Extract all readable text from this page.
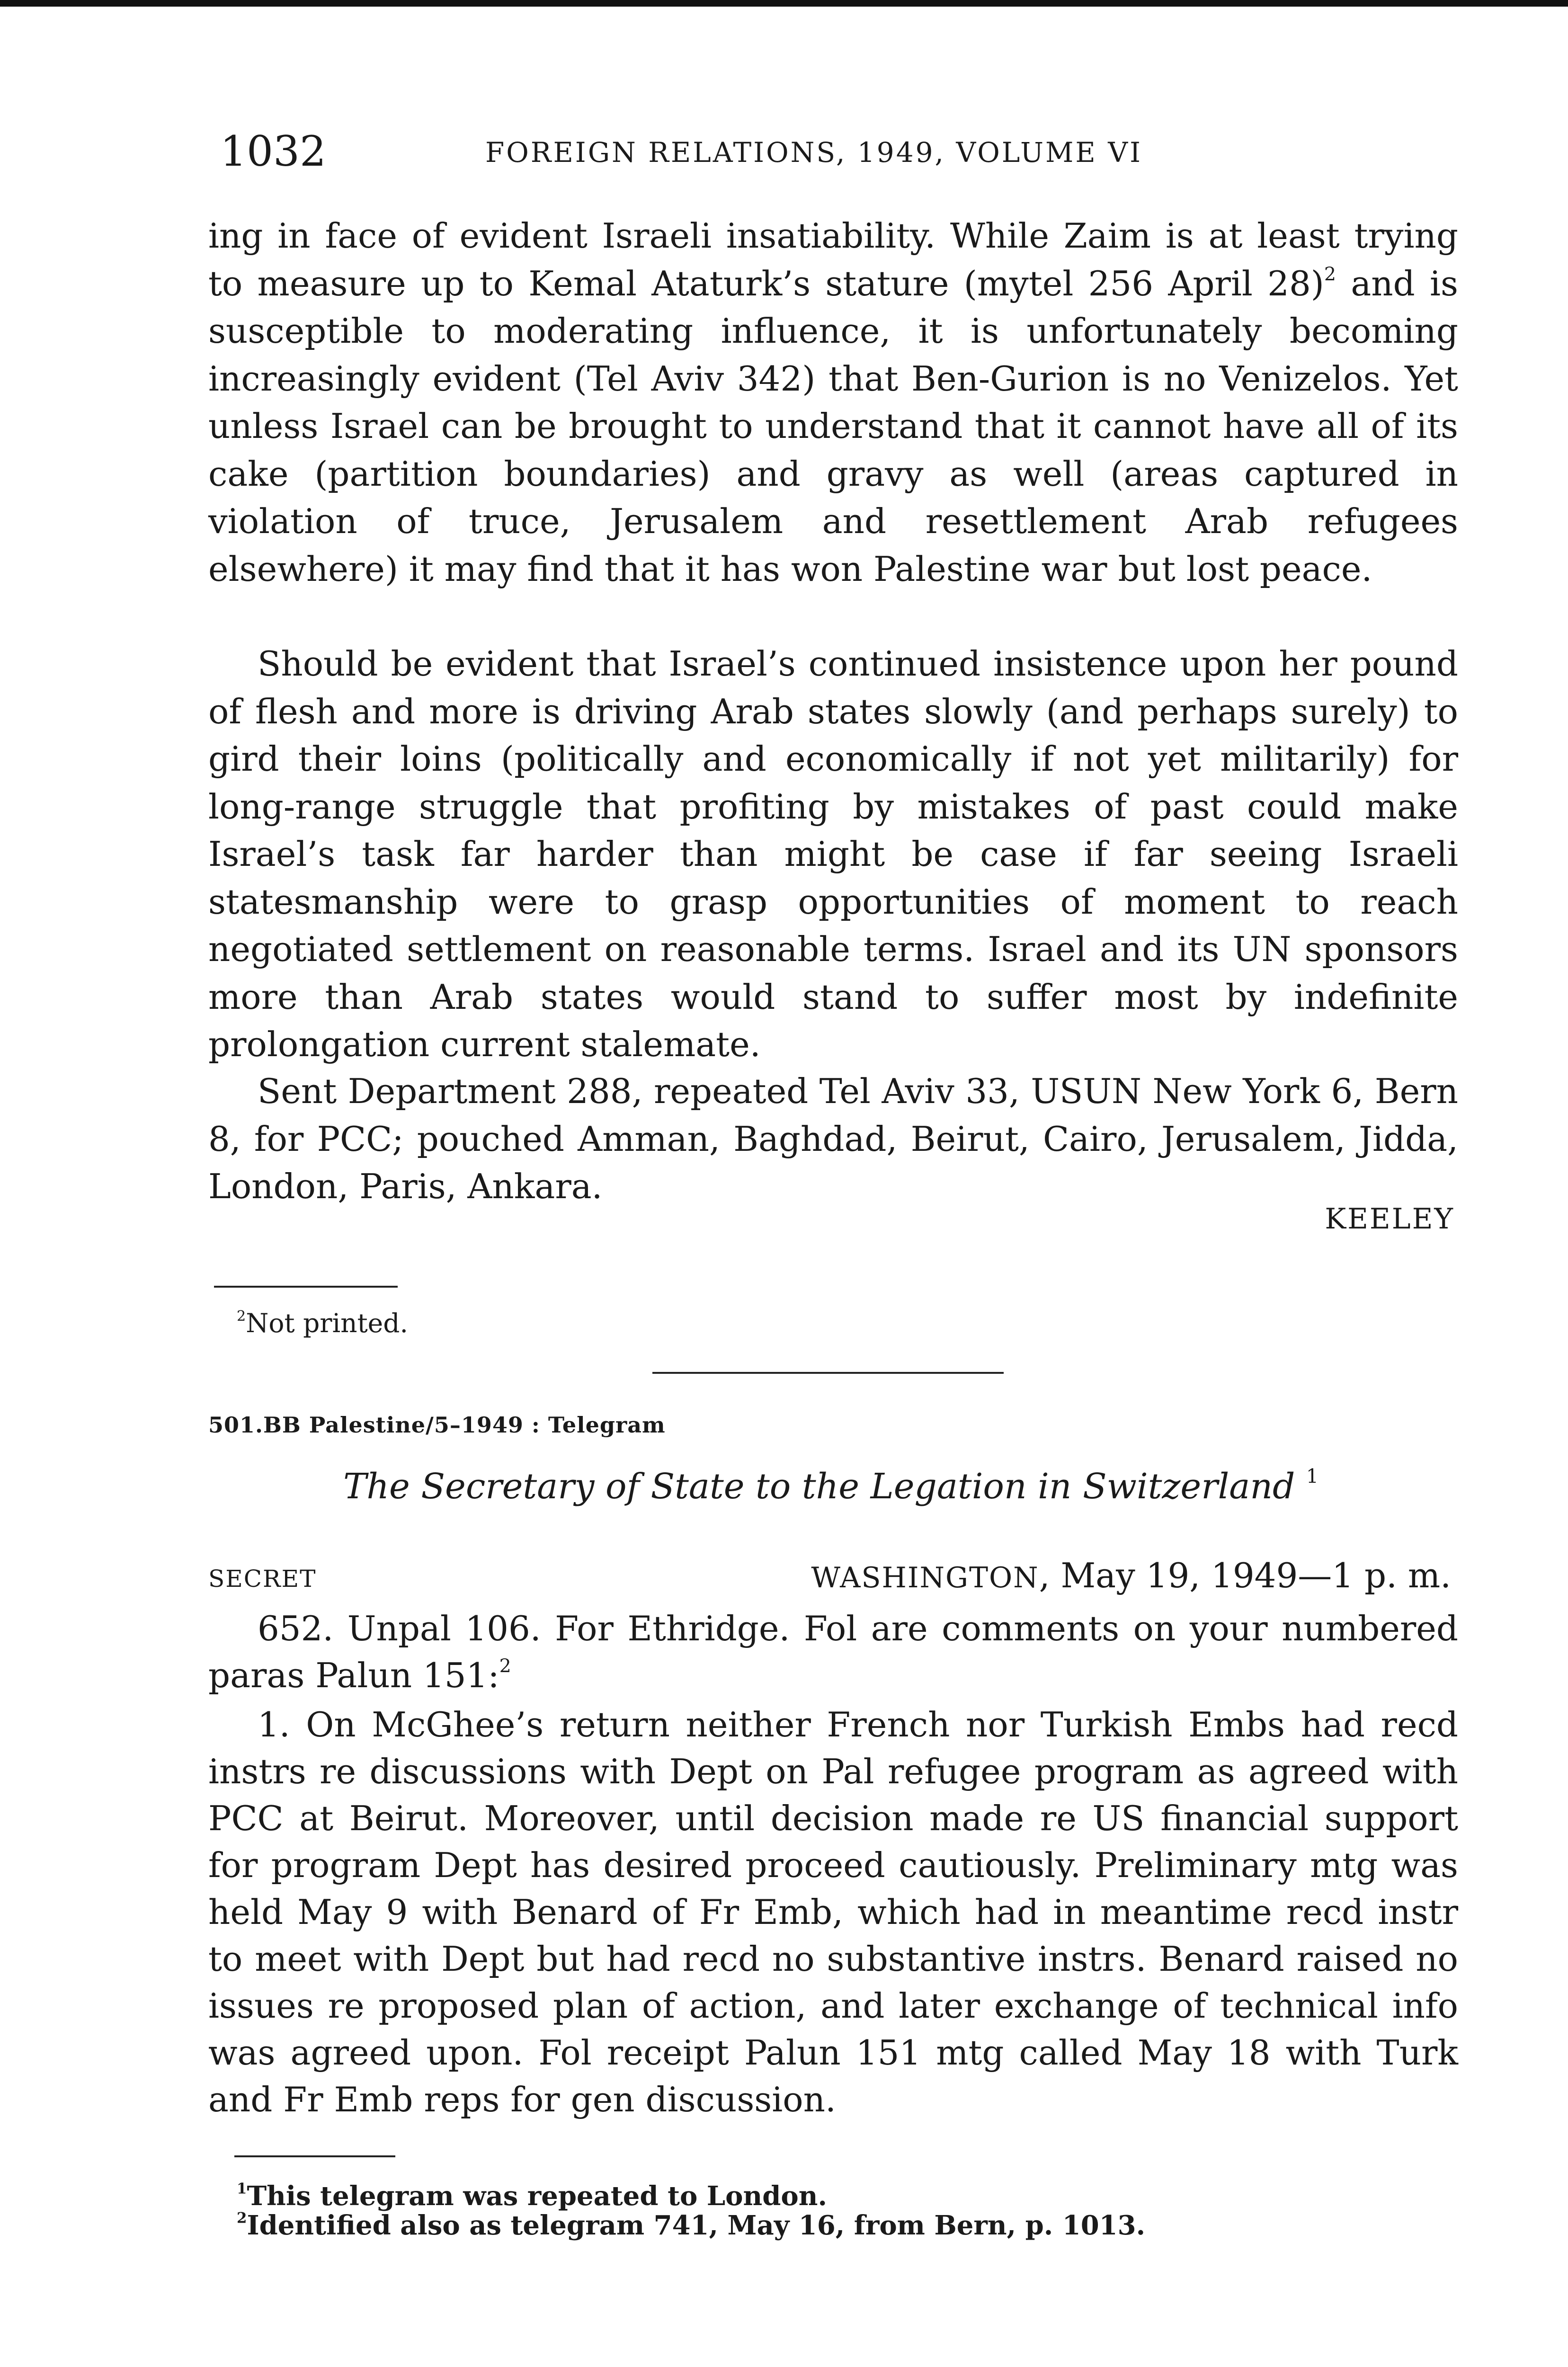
1032	FOREIGN RELATIONS, 1949, VOLUME VI
ing in face of evident Israeli insatiability. While Zaim is at least trying to measure up to Kemal Ataturk’s stature (mytel 256 April 28)$^2$ and is susceptible to moderating influence, it is unfortunately becoming increasingly evident (Tel Aviv 342) that Ben-Gurion is no Venizelos. Yet unless Israel can be brought to understand that it cannot have all of its cake (partition boundaries) and gravy as well (areas captured in violation of truce, Jerusalem and resettlement Arab refugees elsewhere) it may find that it has won Palestine war but lost peace.
Should be evident that Israel’s continued insistence upon her pound of flesh and more is driving Arab states slowly (and perhaps surely) to gird their loins (politically and economically if not yet militarily) for long-range struggle that profiting by mistakes of past could make Israel’s task far harder than might be case if far seeing Israeli statesmanship were to grasp opportunities of moment to reach negotiated settlement on reasonable terms. Israel and its UN sponsors more than Arab states would stand to suffer most by indefinite prolongation current stalemate.
Sent Department 288, repeated Tel Aviv 33, USUN New York 6, Bern 8, for PCC; pouched Amman, Baghdad, Beirut, Cairo, Jerusalem, Jidda, London, Paris, Ankara.
KEELEY
$^2$Not printed.
501.BB Palestine/5–1949 : Telegram
The Secretary of State to the Legation in Switzerland $^1$
SECRET	WASHINGTON, May 19, 1949—1 p. m.
652. Unpal 106. For Ethridge. Fol are comments on your numbered paras Palun 151:$^2$
1. On McGhee’s return neither French nor Turkish Embs had recd instrs re discussions with Dept on Pal refugee program as agreed with PCC at Beirut. Moreover, until decision made re US financial support for program Dept has desired proceed cautiously. Preliminary mtg was held May 9 with Benard of Fr Emb, which had in meantime recd instr to meet with Dept but had recd no substantive instrs. Benard raised no issues re proposed plan of action, and later exchange of technical info was agreed upon. Fol receipt Palun 151 mtg called May 18 with Turk and Fr Emb reps for gen discussion.
$^1$This telegram was repeated to London.
$^2$Identified also as telegram 741, May 16, from Bern, p. 1013.
